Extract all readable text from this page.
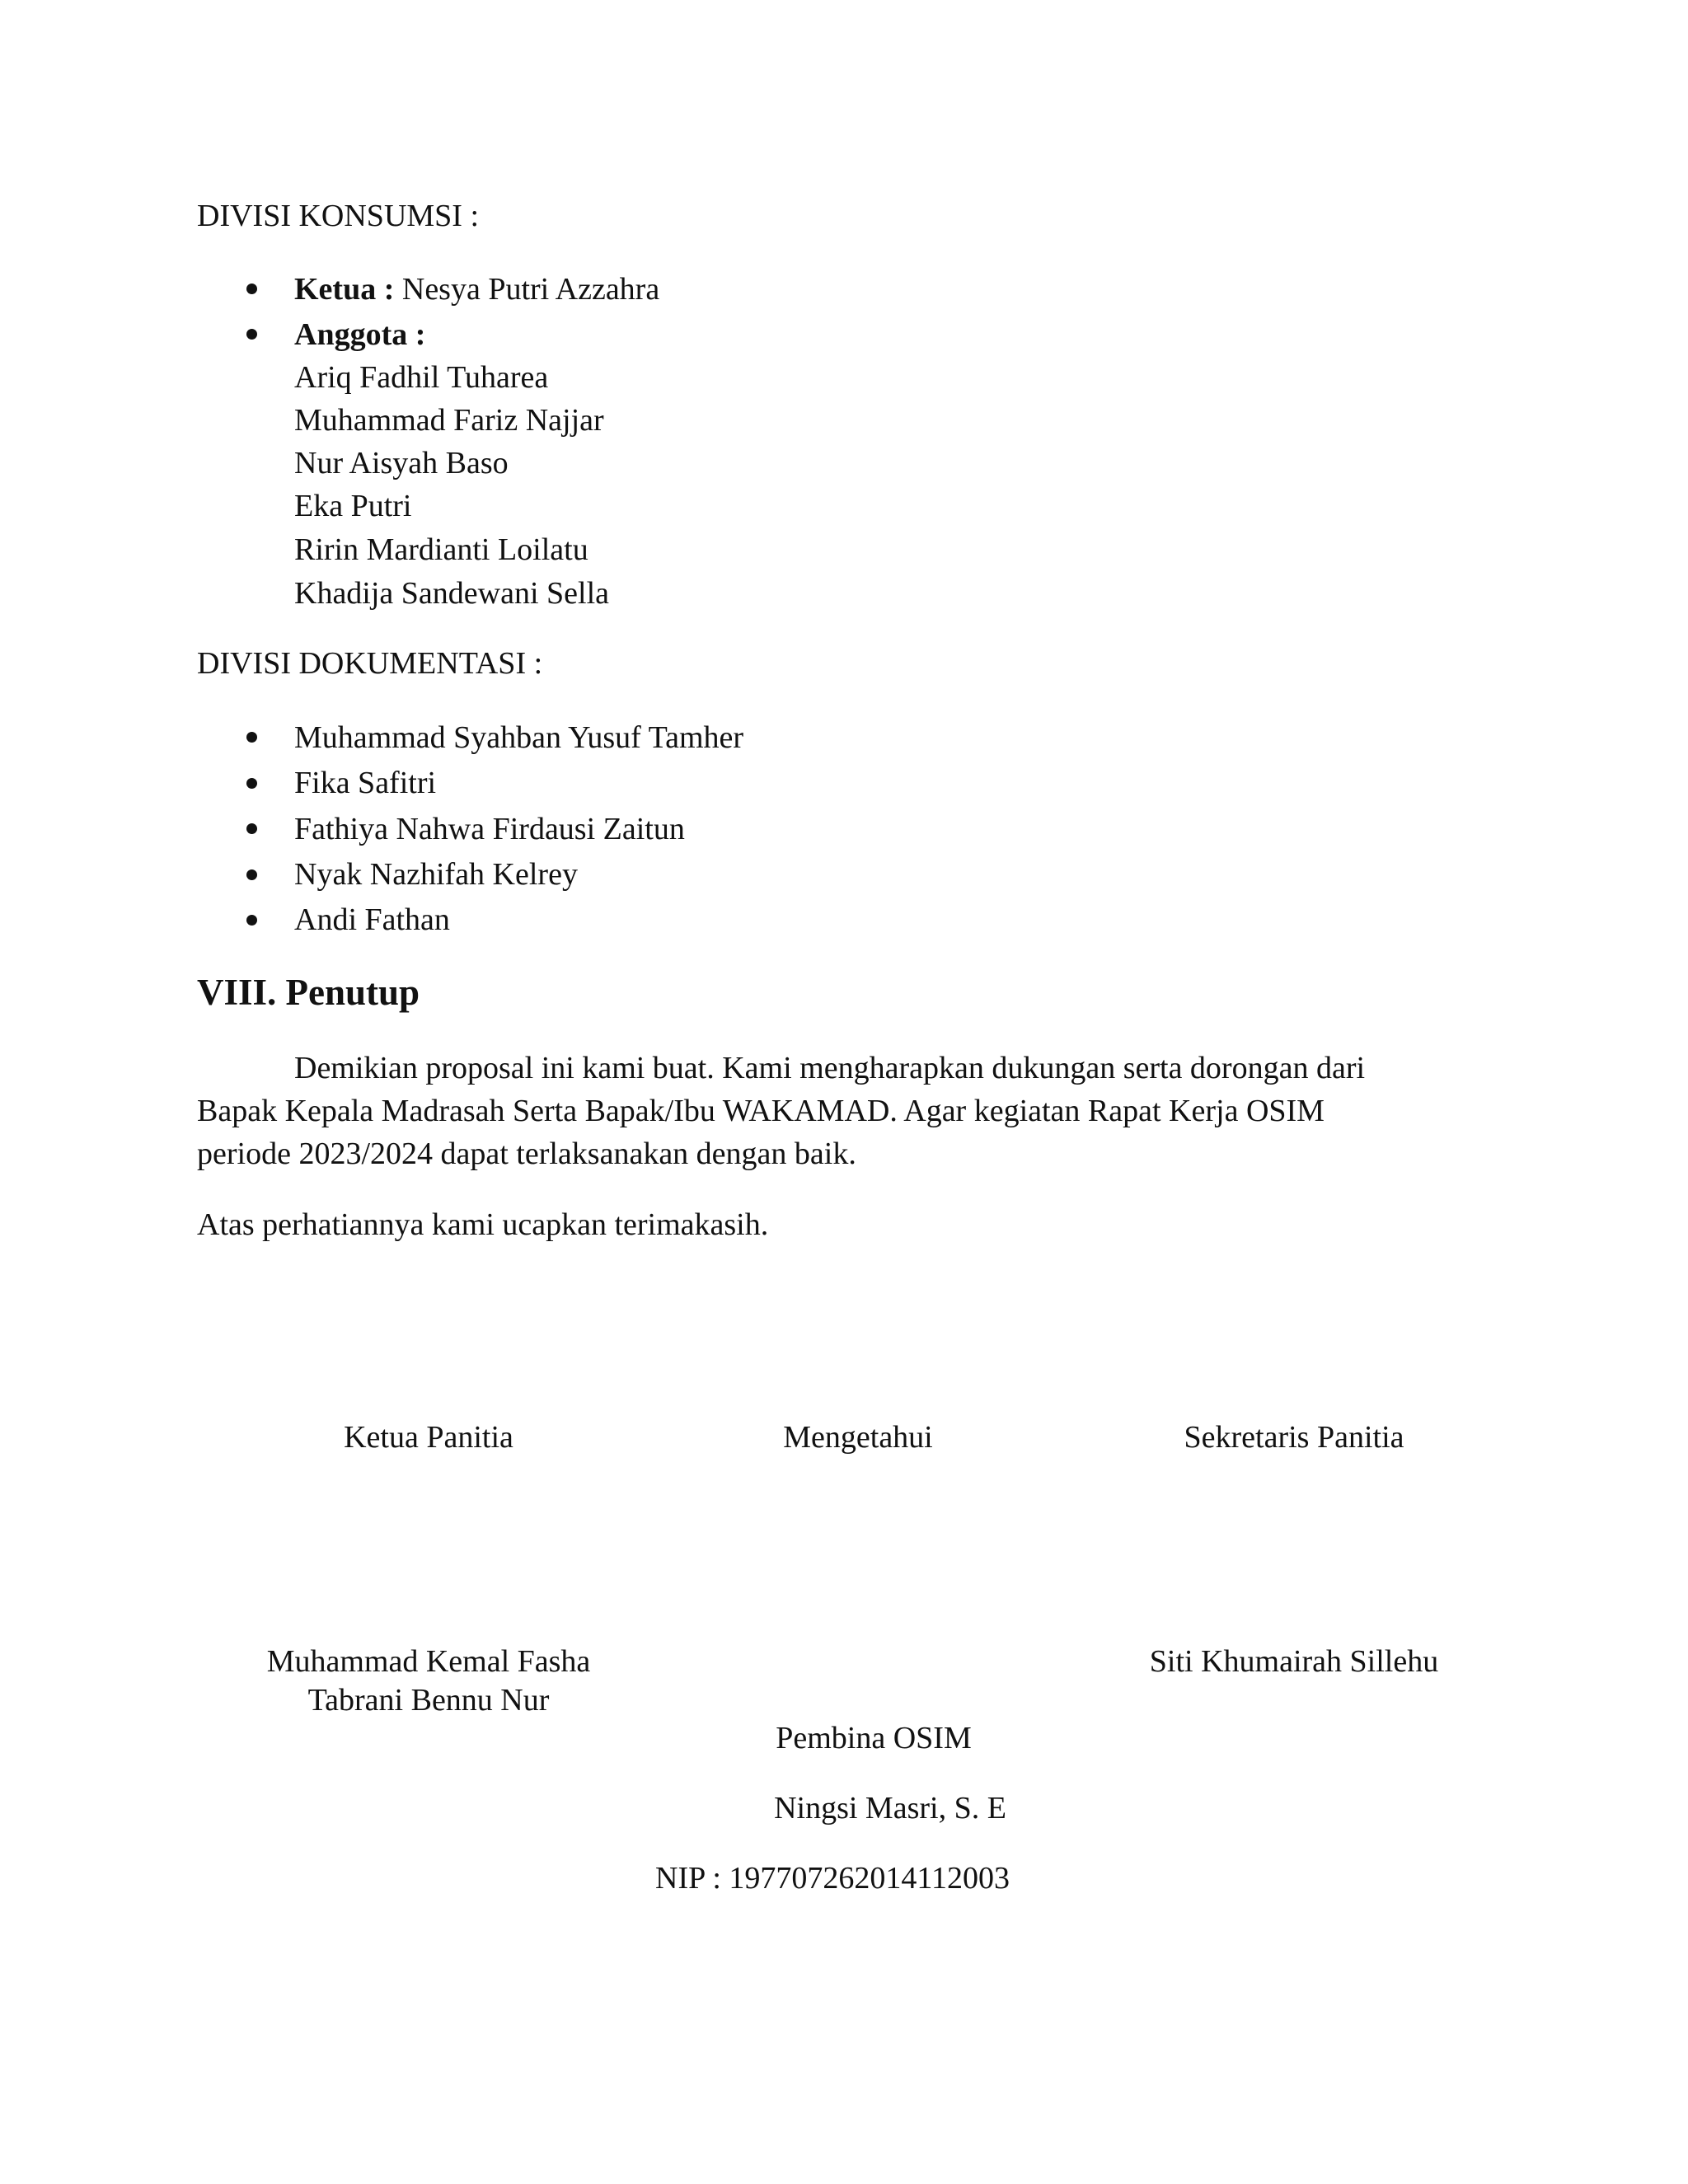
DIVISI KONSUMSI :
Ketua : Nesya Putri Azzahra
Anggota :
Ariq Fadhil Tuharea
Muhammad Fariz Najjar
Nur Aisyah Baso
Eka Putri
Ririn Mardianti Loilatu
Khadija Sandewani Sella
DIVISI DOKUMENTASI :
Muhammad Syahban Yusuf Tamher
Fika Safitri
Fathiya Nahwa Firdausi Zaitun
Nyak Nazhifah Kelrey
Andi Fathan
VIII. Penutup
Demikian proposal ini kami buat. Kami mengharapkan dukungan serta dorongan dari
Bapak Kepala Madrasah Serta Bapak/Ibu WAKAMAD. Agar kegiatan Rapat Kerja OSIM
periode 2023/2024 dapat terlaksanakan dengan baik.
Atas perhatiannya kami ucapkan terimakasih.
Ketua Panitia	Mengetahui	Sekretaris Panitia
Muhammad Kemal Fasha
Tabrani Bennu Nur
Siti Khumairah Sillehu
Pembina OSIM
Ningsi Masri, S. E
NIP : 197707262014112003
